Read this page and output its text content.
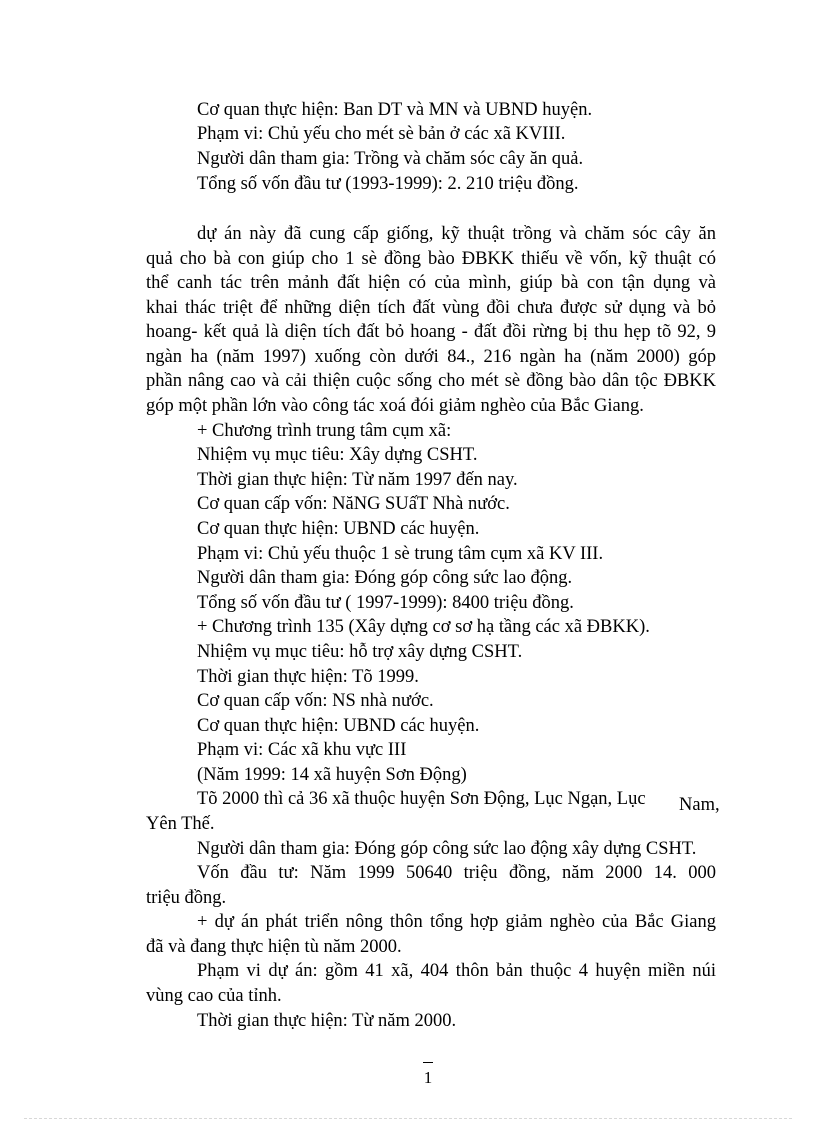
Cơ quan thực hiện: Ban DT và MN và UBND huyện.
Phạm vi: Chủ yếu cho mét sè bản ở các xã KVIII.
Người dân tham gia: Trồng và chăm sóc cây ăn quả.
Tổng số vốn đầu tư (1993-1999): 2. 210 triệu đồng.
dự án này đã cung cấp giống, kỹ thuật trồng và chăm sóc cây ăn
quả cho bà con giúp cho 1 sè đồng bào ĐBKK thiếu về vốn, kỹ thuật có
thể canh tác trên mảnh đất hiện có của mình, giúp bà con tận dụng và
khai thác triệt để những diện tích đất vùng đồi chưa được sử dụng và bỏ
hoang- kết quả là diện tích đất bỏ hoang - đất đồi rừng bị thu hẹp tõ 92, 9
ngàn ha (năm 1997) xuống còn dưới 84., 216 ngàn ha (năm 2000) góp
phần nâng cao và cải thiện cuộc sống cho mét sè đồng bào dân tộc ĐBKK
góp một phần lớn vào công tác xoá đói giảm nghèo của Bắc Giang.
+ Chương trình trung tâm cụm xã:
Nhiệm vụ mục tiêu: Xây dựng CSHT.
Thời gian thực hiện: Từ năm 1997 đến nay.
Cơ quan cấp vốn: NăNG SUấT Nhà nước.
Cơ quan thực hiện: UBND các huyện.
Phạm vi: Chủ yếu thuộc 1 sè trung tâm cụm xã KV III.
Người dân tham gia: Đóng góp công sức lao động.
Tổng số vốn đầu tư ( 1997-1999): 8400 triệu đồng.
+ Chương trình 135 (Xây dựng cơ sơ hạ tầng các xã ĐBKK).
Nhiệm vụ mục tiêu: hỗ trợ xây dựng CSHT.
Thời gian thực hiện: Tõ 1999.
Cơ quan cấp vốn: NS nhà nước.
Cơ quan thực hiện: UBND các huyện.
Phạm vi: Các xã khu vực III
(Năm 1999: 14 xã huyện Sơn Động)
Tõ 2000 thì cả 36 xã thuộc huyện Sơn Động, Lục Ngạn, Lục Nam,
Yên Thế.
Người dân tham gia: Đóng góp công sức lao động xây dựng CSHT.
Vốn đầu tư: Năm 1999 50640 triệu đồng, năm 2000 14. 000
triệu đồng.
+ dự án phát triển nông thôn tổng hợp giảm nghèo của Bắc Giang
đã và đang thực hiện tù năm 2000.
Phạm vi dự án: gồm 41 xã, 404 thôn bản thuộc 4 huyện miền núi
vùng cao của tỉnh.
Thời gian thực hiện: Từ năm 2000.
1
